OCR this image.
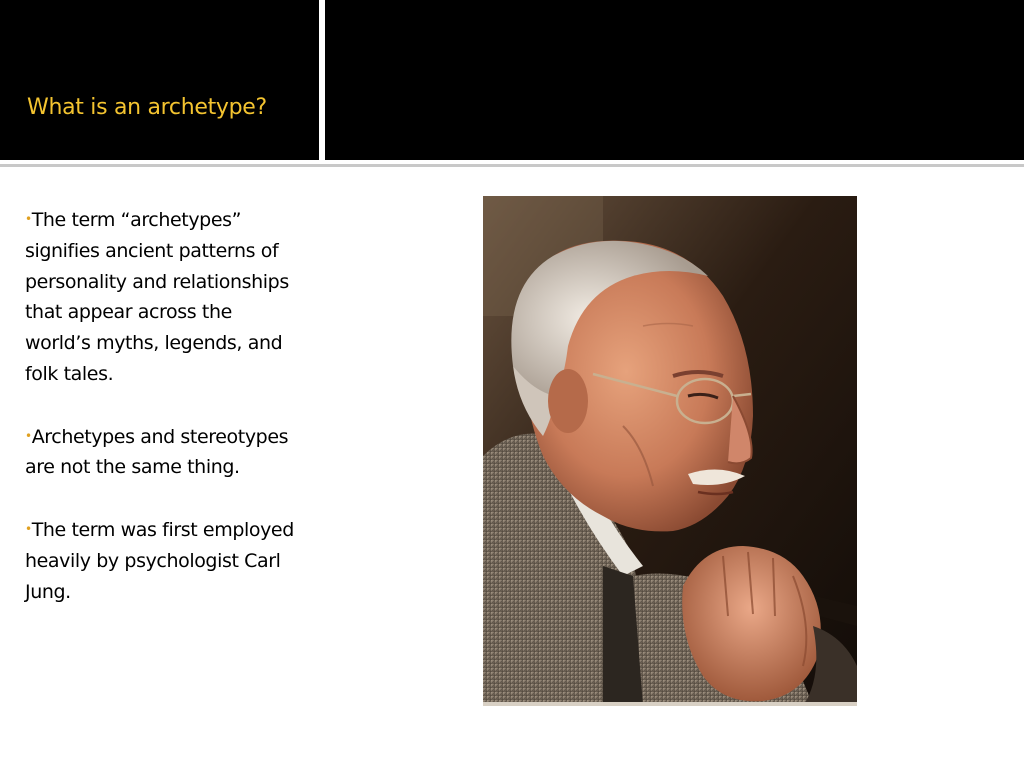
What is an archetype?
•The term “archetypes” signifies ancient patterns of personality and relationships that appear across the world’s myths, legends, and folk tales.
•Archetypes and stereotypes are not the same thing.
•The term was first employed heavily by psychologist Carl Jung.
